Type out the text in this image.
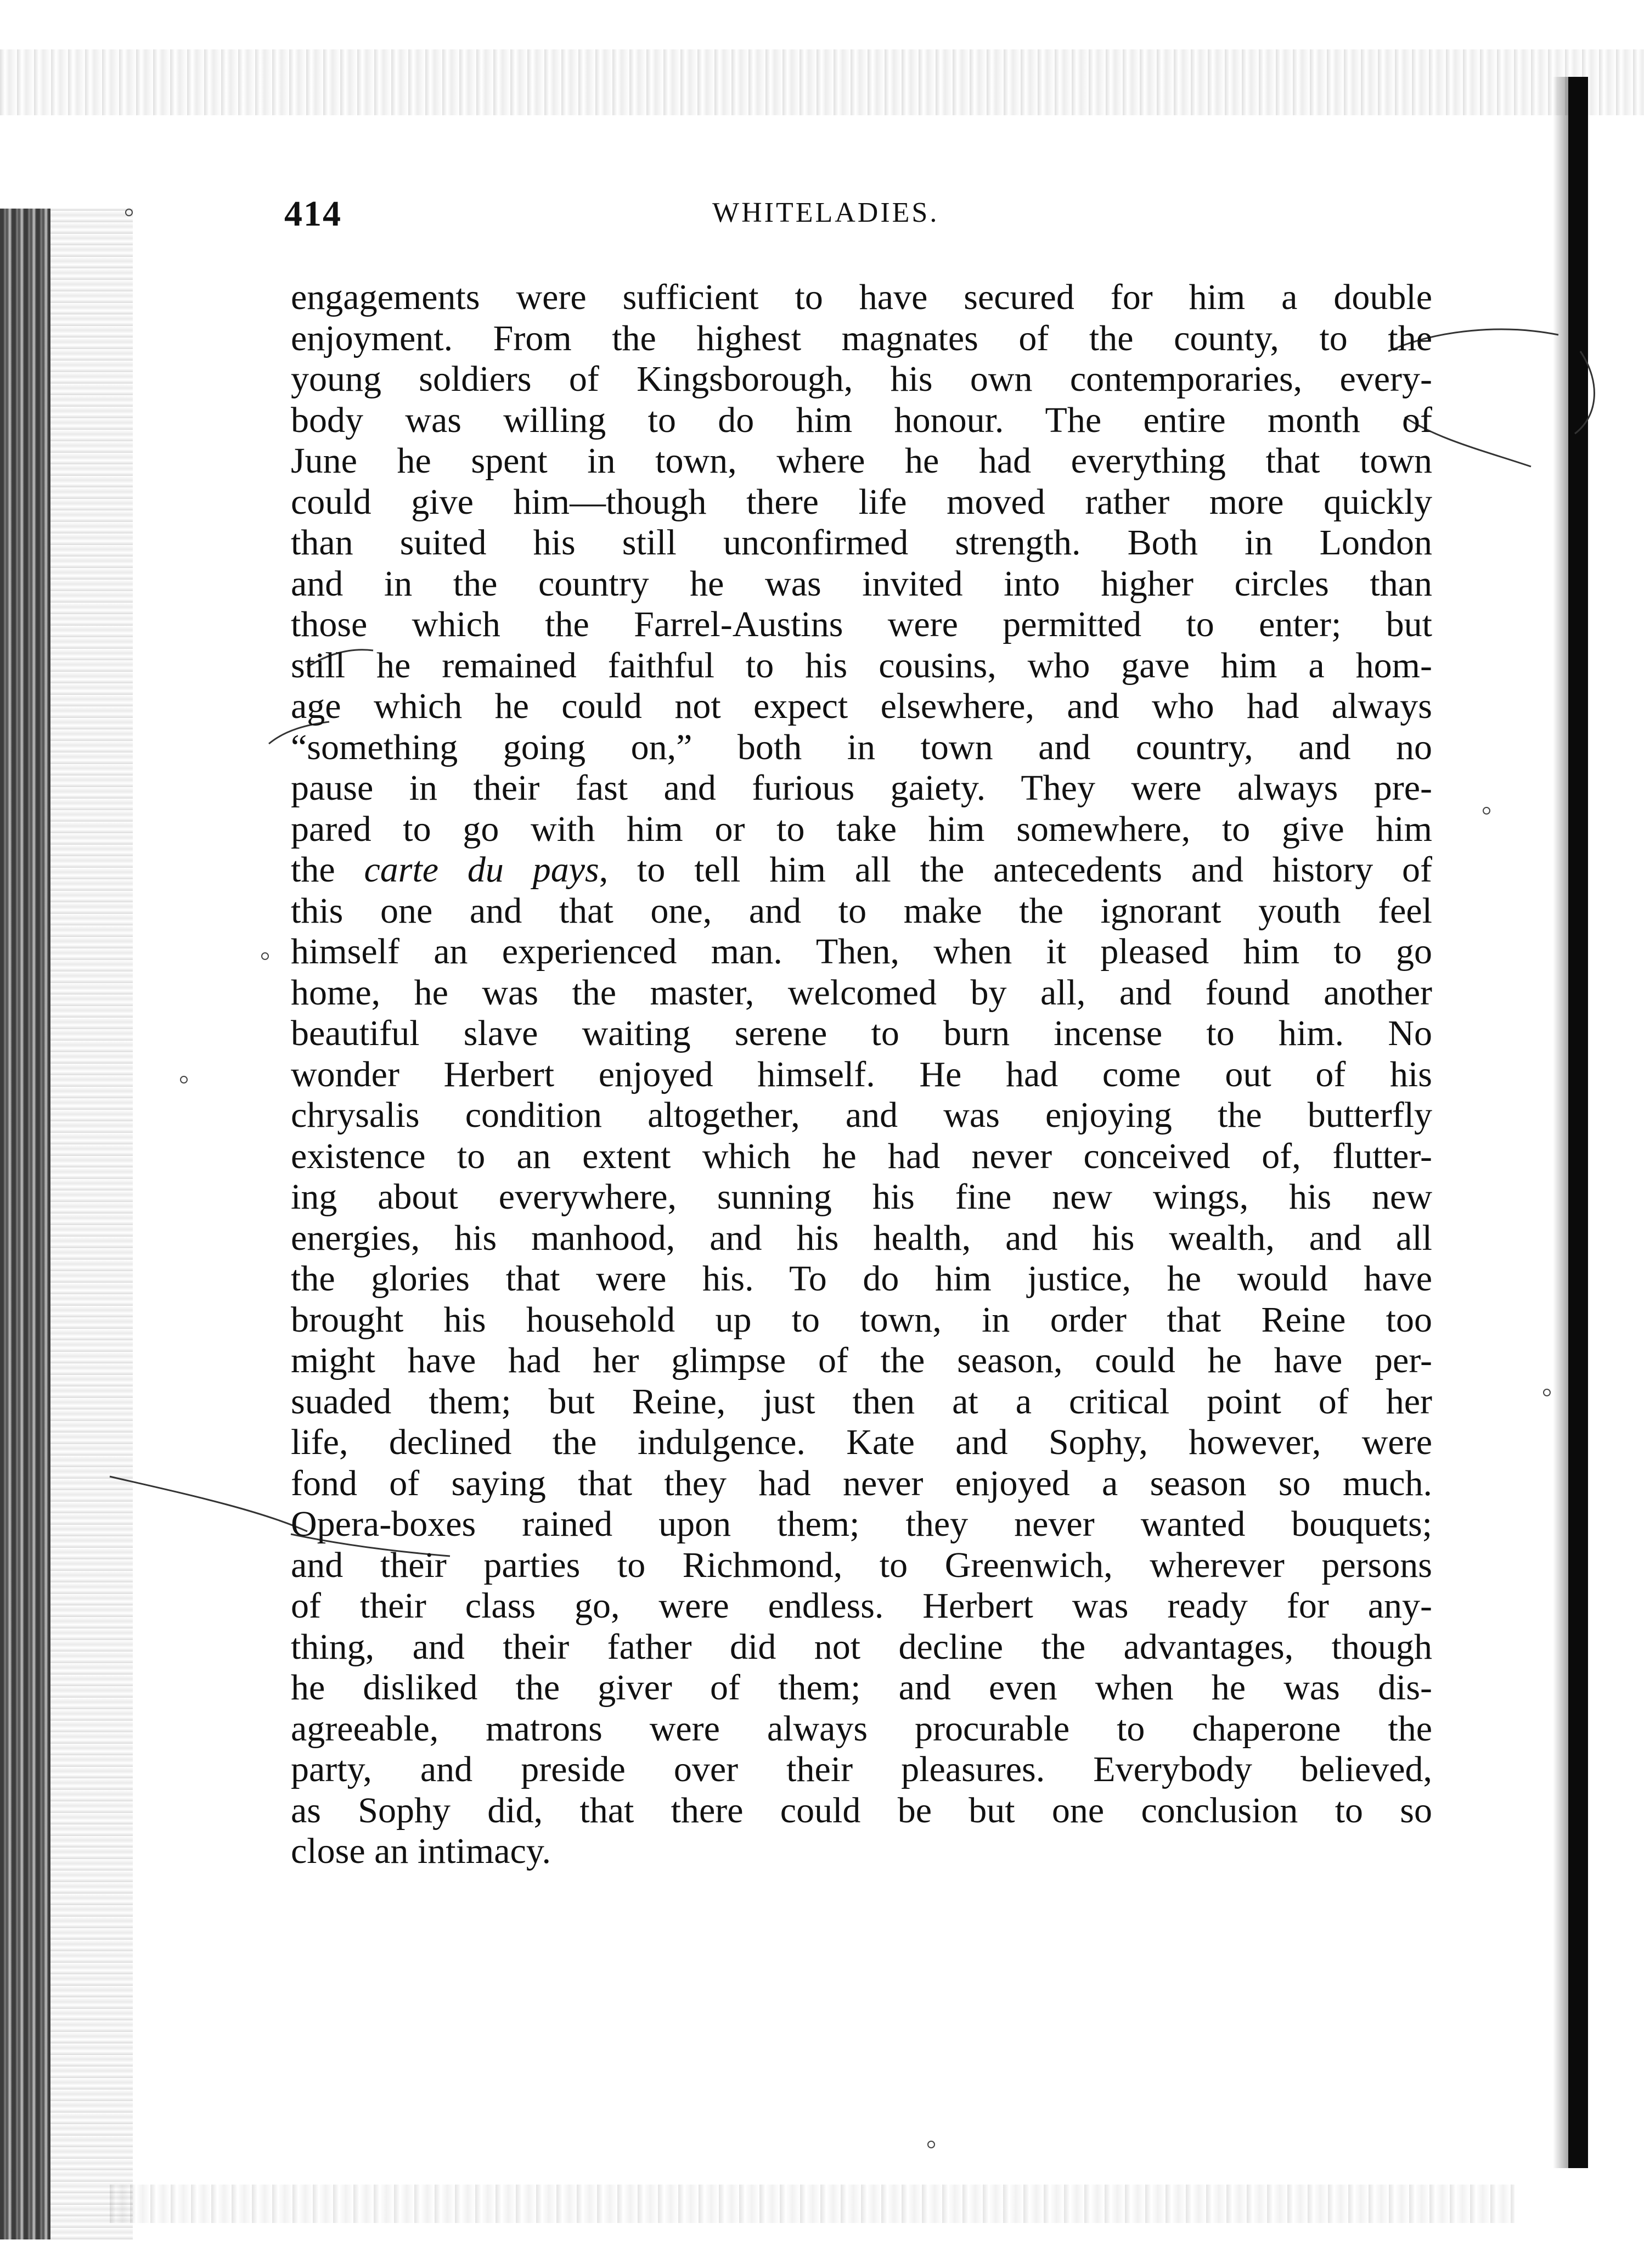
414	WHITELADIES.
engagements were sufficient to have secured for him a double
enjoyment. From the highest magnates of the county, to the
young soldiers of Kingsborough, his own contemporaries, every-
body was willing to do him honour. The entire month of
June he spent in town, where he had everything that town
could give him—though there life moved rather more quickly
than suited his still unconfirmed strength. Both in London
and in the country he was invited into higher circles than
those which the Farrel-Austins were permitted to enter; but
still he remained faithful to his cousins, who gave him a hom-
age which he could not expect elsewhere, and who had always
“something going on,” both in town and country, and no
pause in their fast and furious gaiety. They were always pre-
pared to go with him or to take him somewhere, to give him
the carte du pays, to tell him all the antecedents and history of
this one and that one, and to make the ignorant youth feel
himself an experienced man. Then, when it pleased him to go
home, he was the master, welcomed by all, and found another
beautiful slave waiting serene to burn incense to him. No
wonder Herbert enjoyed himself. He had come out of his
chrysalis condition altogether, and was enjoying the butterfly
existence to an extent which he had never conceived of, flutter-
ing about everywhere, sunning his fine new wings, his new
energies, his manhood, and his health, and his wealth, and all
the glories that were his. To do him justice, he would have
brought his household up to town, in order that Reine too
might have had her glimpse of the season, could he have per-
suaded them; but Reine, just then at a critical point of her
life, declined the indulgence. Kate and Sophy, however, were
fond of saying that they had never enjoyed a season so much.
Opera-boxes rained upon them; they never wanted bouquets;
and their parties to Richmond, to Greenwich, wherever persons
of their class go, were endless. Herbert was ready for any-
thing, and their father did not decline the advantages, though
he disliked the giver of them; and even when he was dis-
agreeable, matrons were always procurable to chaperone the
party, and preside over their pleasures. Everybody believed,
as Sophy did, that there could be but one conclusion to so
close an intimacy.
